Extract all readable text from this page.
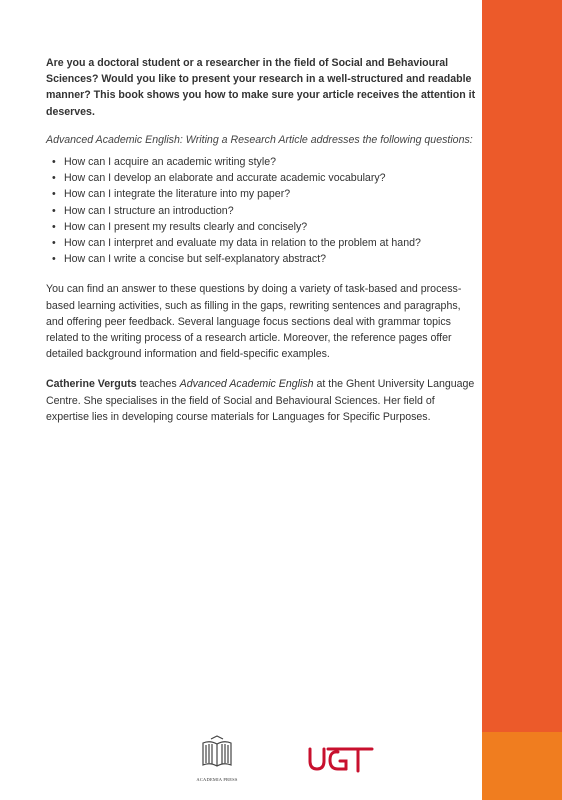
Are you a doctoral student or a researcher in the field of Social and Behavioural Sciences? Would you like to present your research in a well-structured and readable manner? This book shows you how to make sure your article receives the attention it deserves.

Advanced Academic English: Writing a Research Article addresses the following questions:

• How can I acquire an academic writing style?
• How can I develop an elaborate and accurate academic vocabulary?
• How can I integrate the literature into my paper?
• How can I structure an introduction?
• How can I present my results clearly and concisely?
• How can I interpret and evaluate my data in relation to the problem at hand?
• How can I write a concise but self-explanatory abstract?

You can find an answer to these questions by doing a variety of task-based and process-based learning activities, such as filling in the gaps, rewriting sentences and paragraphs, and offering peer feedback. Several language focus sections deal with grammar topics related to the writing process of a research article. Moreover, the reference pages offer detailed background information and field-specific examples.

Catherine Verguts teaches Advanced Academic English at the Ghent University Language Centre. She specialises in the field of Social and Behavioural Sciences. Her field of expertise lies in developing course materials for Languages for Specific Purposes.

ACADEMIA PRESS
